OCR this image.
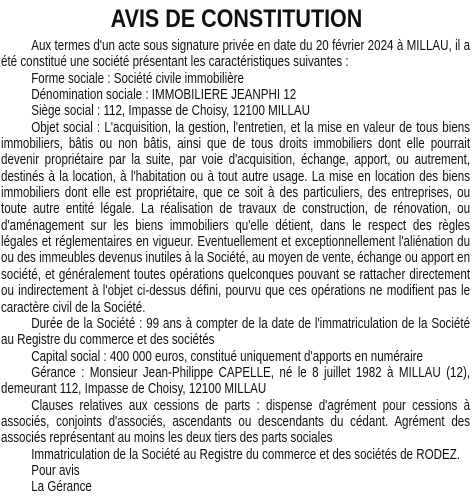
AVIS DE CONSTITUTION

Aux termes d'un acte sous signature privée en date du 20 février 2024 à MILLAU, il a été constitué une société présentant les caractéristiques suivantes :

Forme sociale : Société civile immobilière

Dénomination sociale : IMMOBILIERE JEANPHI 12

Siège social : 112, Impasse de Choisy, 12100 MILLAU

Objet social : L'acquisition, la gestion, l'entretien, et la mise en valeur de tous biens immobiliers, bâtis ou non bâtis, ainsi que de tous droits immobiliers dont elle pourrait devenir propriétaire par la suite, par voie d'acquisition, échange, apport, ou autrement, destinés à la location, à l'habitation ou à tout autre usage. La mise en location des biens immobiliers dont elle est propriétaire, que ce soit à des particuliers, des entreprises, ou toute autre entité légale. La réalisation de travaux de construction, de rénovation, ou d'aménagement sur les biens immobiliers qu'elle détient, dans le respect des règles légales et réglementaires en vigueur. Eventuellement et exceptionnellement l'aliénation du ou des immeubles devenus inutiles à la Société, au moyen de vente, échange ou apport en société, et généralement toutes opérations quelconques pouvant se rattacher directement ou indirectement à l'objet ci-dessus défini, pourvu que ces opérations ne modifient pas le caractère civil de la Société.

Durée de la Société : 99 ans à compter de la date de l'immatriculation de la Société au Registre du commerce et des sociétés

Capital social : 400 000 euros, constitué uniquement d'apports en numéraire

Gérance : Monsieur Jean-Philippe CAPELLE, né le 8 juillet 1982 à MILLAU (12), demeurant 112, Impasse de Choisy, 12100 MILLAU

Clauses relatives aux cessions de parts : dispense d'agrément pour cessions à associés, conjoints d'associés, ascendants ou descendants du cédant. Agrément des associés représentant au moins les deux tiers des parts sociales

Immatriculation de la Société au Registre du commerce et des sociétés de RODEZ.

Pour avis

La Gérance
